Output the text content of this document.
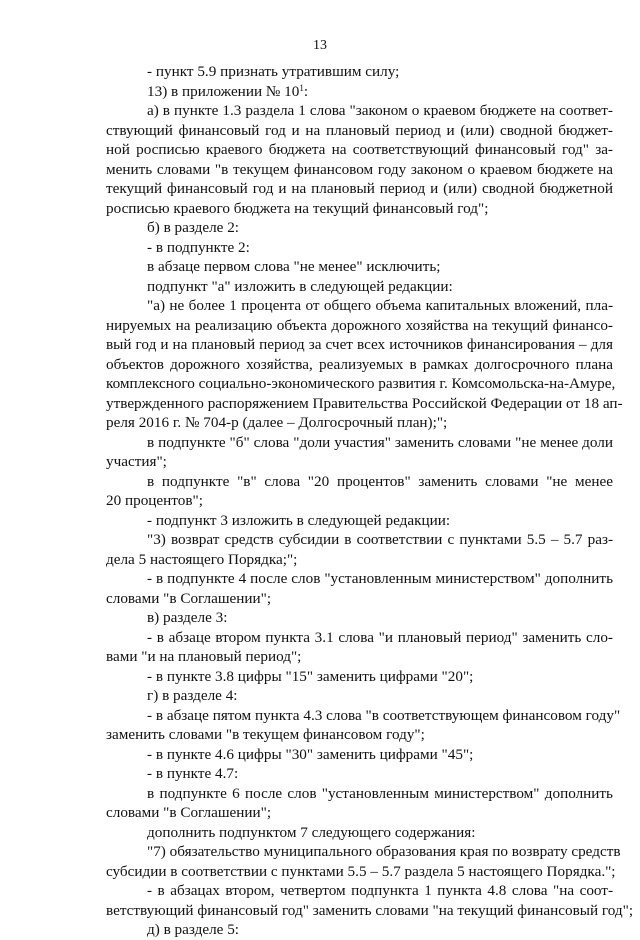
13
- пункт 5.9 признать утратившим силу;
13) в приложении № $10^1$:
а) в пункте 1.3 раздела 1 слова "законом о краевом бюджете на соответ-
ствующий финансовый год и на плановый период и (или) сводной бюджет-
ной росписью краевого бюджета на соответствующий финансовый год" за-
менить словами "в текущем финансовом году законом о краевом бюджете на
текущий финансовый год и на плановый период и (или) сводной бюджетной
росписью краевого бюджета на текущий финансовый год";
б) в разделе 2:
- в подпункте 2:
в абзаце первом слова "не менее" исключить;
подпункт "а" изложить в следующей редакции:
"а) не более 1 процента от общего объема капитальных вложений, пла-
нируемых на реализацию объекта дорожного хозяйства на текущий финансо-
вый год и на плановый период за счет всех источников финансирования – для
объектов дорожного хозяйства, реализуемых в рамках долгосрочного плана
комплексного социально-экономического развития г. Комсомольска-на-Амуре,
утвержденного распоряжением Правительства Российской Федерации от 18 ап-
реля 2016 г. № 704-р (далее – Долгосрочный план);";
в подпункте "б" слова "доли участия" заменить словами "не менее доли
участия";
в подпункте "в" слова "20 процентов" заменить словами "не менее
20 процентов";
- подпункт 3 изложить в следующей редакции:
"3) возврат средств субсидии в соответствии с пунктами 5.5 – 5.7 раз-
дела 5 настоящего Порядка;";
- в подпункте 4 после слов "установленным министерством" дополнить
словами "в Соглашении";
в) разделе 3:
- в абзаце втором пункта 3.1 слова "и плановый период" заменить сло-
вами "и на плановый период";
- в пункте 3.8 цифры "15" заменить цифрами "20";
г) в разделе 4:
- в абзаце пятом пункта 4.3 слова "в соответствующем финансовом году"
заменить словами "в текущем финансовом году";
- в пункте 4.6 цифры "30" заменить цифрами "45";
- в пункте 4.7:
в подпункте 6 после слов "установленным министерством" дополнить
словами "в Соглашении";
дополнить подпунктом 7 следующего содержания:
"7) обязательство муниципального образования края по возврату средств
субсидии в соответствии с пунктами 5.5 – 5.7 раздела 5 настоящего Порядка.";
- в абзацах втором, четвертом подпункта 1 пункта 4.8 слова "на соот-
ветствующий финансовый год" заменить словами "на текущий финансовый год";
д) в разделе 5:
